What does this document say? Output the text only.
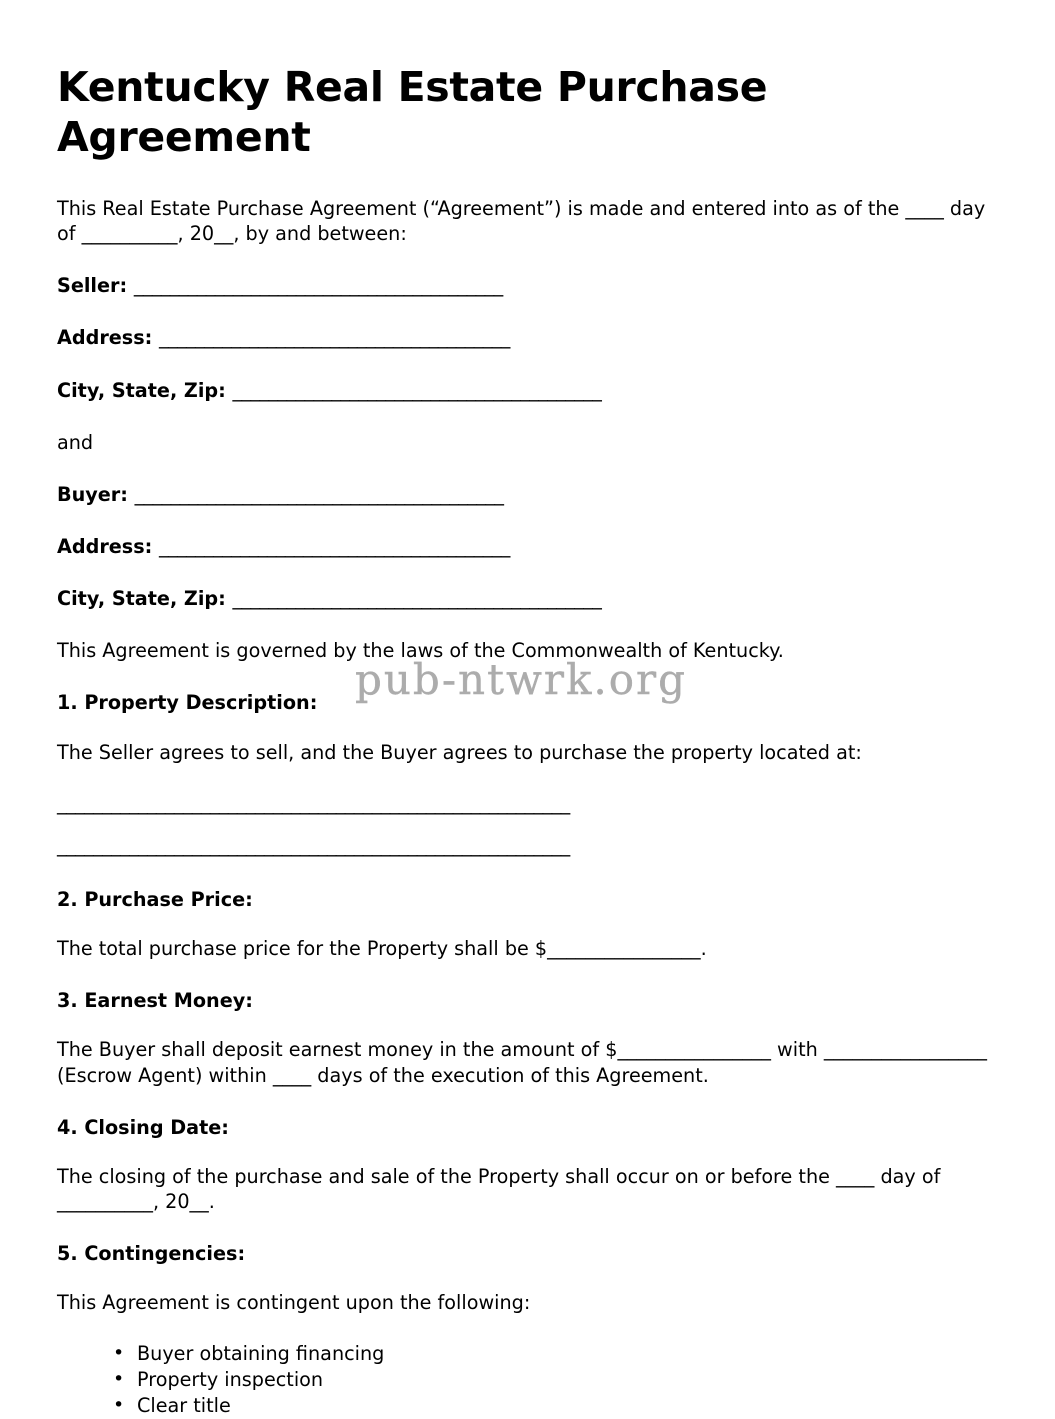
Kentucky Real Estate Purchase Agreement

This Real Estate Purchase Agreement (“Agreement”) is made and entered into as of the ____ day of __________, 20__, by and between:

Seller: _________________________________________
Address: _______________________________________
City, State, Zip: _________________________________________

and

Buyer: _________________________________________
Address: _______________________________________
City, State, Zip: _________________________________________

This Agreement is governed by the laws of the Commonwealth of Kentucky.

1. Property Description:

The Seller agrees to sell, and the Buyer agrees to purchase the property located at:

_________________________________________________________
_________________________________________________________
2. Purchase Price:

The total purchase price for the Property shall be $________________.

3. Earnest Money:

The Buyer shall deposit earnest money in the amount of $________________ with _________________ (Escrow Agent) within ____ days of the execution of this Agreement.

4. Closing Date:

The closing of the purchase and sale of the Property shall occur on or before the ____ day of __________, 20__.

5. Contingencies:

This Agreement is contingent upon the following:

• Buyer obtaining financing
• Property inspection
• Clear title
pub-ntwrk.org
